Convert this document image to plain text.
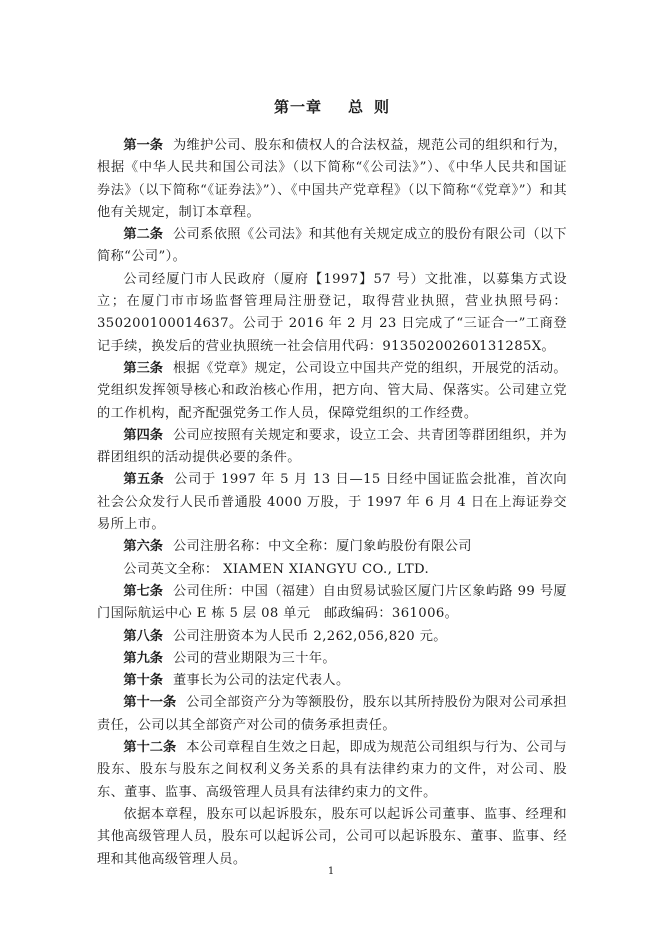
第一章 总 则

第一条 为维护公司、股东和债权人的合法权益，规范公司的组织和行为，根据《中华人民共和国公司法》（以下简称“《公司法》”）、《中华人民共和国证券法》（以下简称“《证券法》”）、《中国共产党章程》（以下简称“《党章》”）和其他有关规定，制订本章程。

第二条 公司系依照《公司法》和其他有关规定成立的股份有限公司（以下简称“公司”）。

公司经厦门市人民政府（厦府【1997】57 号）文批准，以募集方式设立；在厦门市市场监督管理局注册登记，取得营业执照，营业执照号码：350200100014637。公司于 2016 年 2 月 23 日完成了“三证合一”工商登记手续，换发后的营业执照统一社会信用代码：91350200260131285X。

第三条 根据《党章》规定，公司设立中国共产党的组织，开展党的活动。党组织发挥领导核心和政治核心作用，把方向、管大局、保落实。公司建立党的工作机构，配齐配强党务工作人员，保障党组织的工作经费。

第四条 公司应按照有关规定和要求，设立工会、共青团等群团组织，并为群团组织的活动提供必要的条件。

第五条 公司于 1997 年 5 月 13 日—15 日经中国证监会批准，首次向社会公众发行人民币普通股 4000 万股，于 1997 年 6 月 4 日在上海证券交易所上市。

第六条 公司注册名称：中文全称：厦门象屿股份有限公司

公司英文全称： XIAMEN XIANGYU CO., LTD.

第七条 公司住所：中国（福建）自由贸易试验区厦门片区象屿路 99 号厦门国际航运中心 E 栋 5 层 08 单元　邮政编码：361006。

第八条 公司注册资本为人民币 2,262,056,820 元。

第九条 公司的营业期限为三十年。

第十条 董事长为公司的法定代表人。

第十一条 公司全部资产分为等额股份，股东以其所持股份为限对公司承担责任，公司以其全部资产对公司的债务承担责任。

第十二条 本公司章程自生效之日起，即成为规范公司组织与行为、公司与股东、股东与股东之间权利义务关系的具有法律约束力的文件，对公司、股东、董事、监事、高级管理人员具有法律约束力的文件。

依据本章程，股东可以起诉股东，股东可以起诉公司董事、监事、经理和其他高级管理人员，股东可以起诉公司，公司可以起诉股东、董事、监事、经理和其他高级管理人员。

1
